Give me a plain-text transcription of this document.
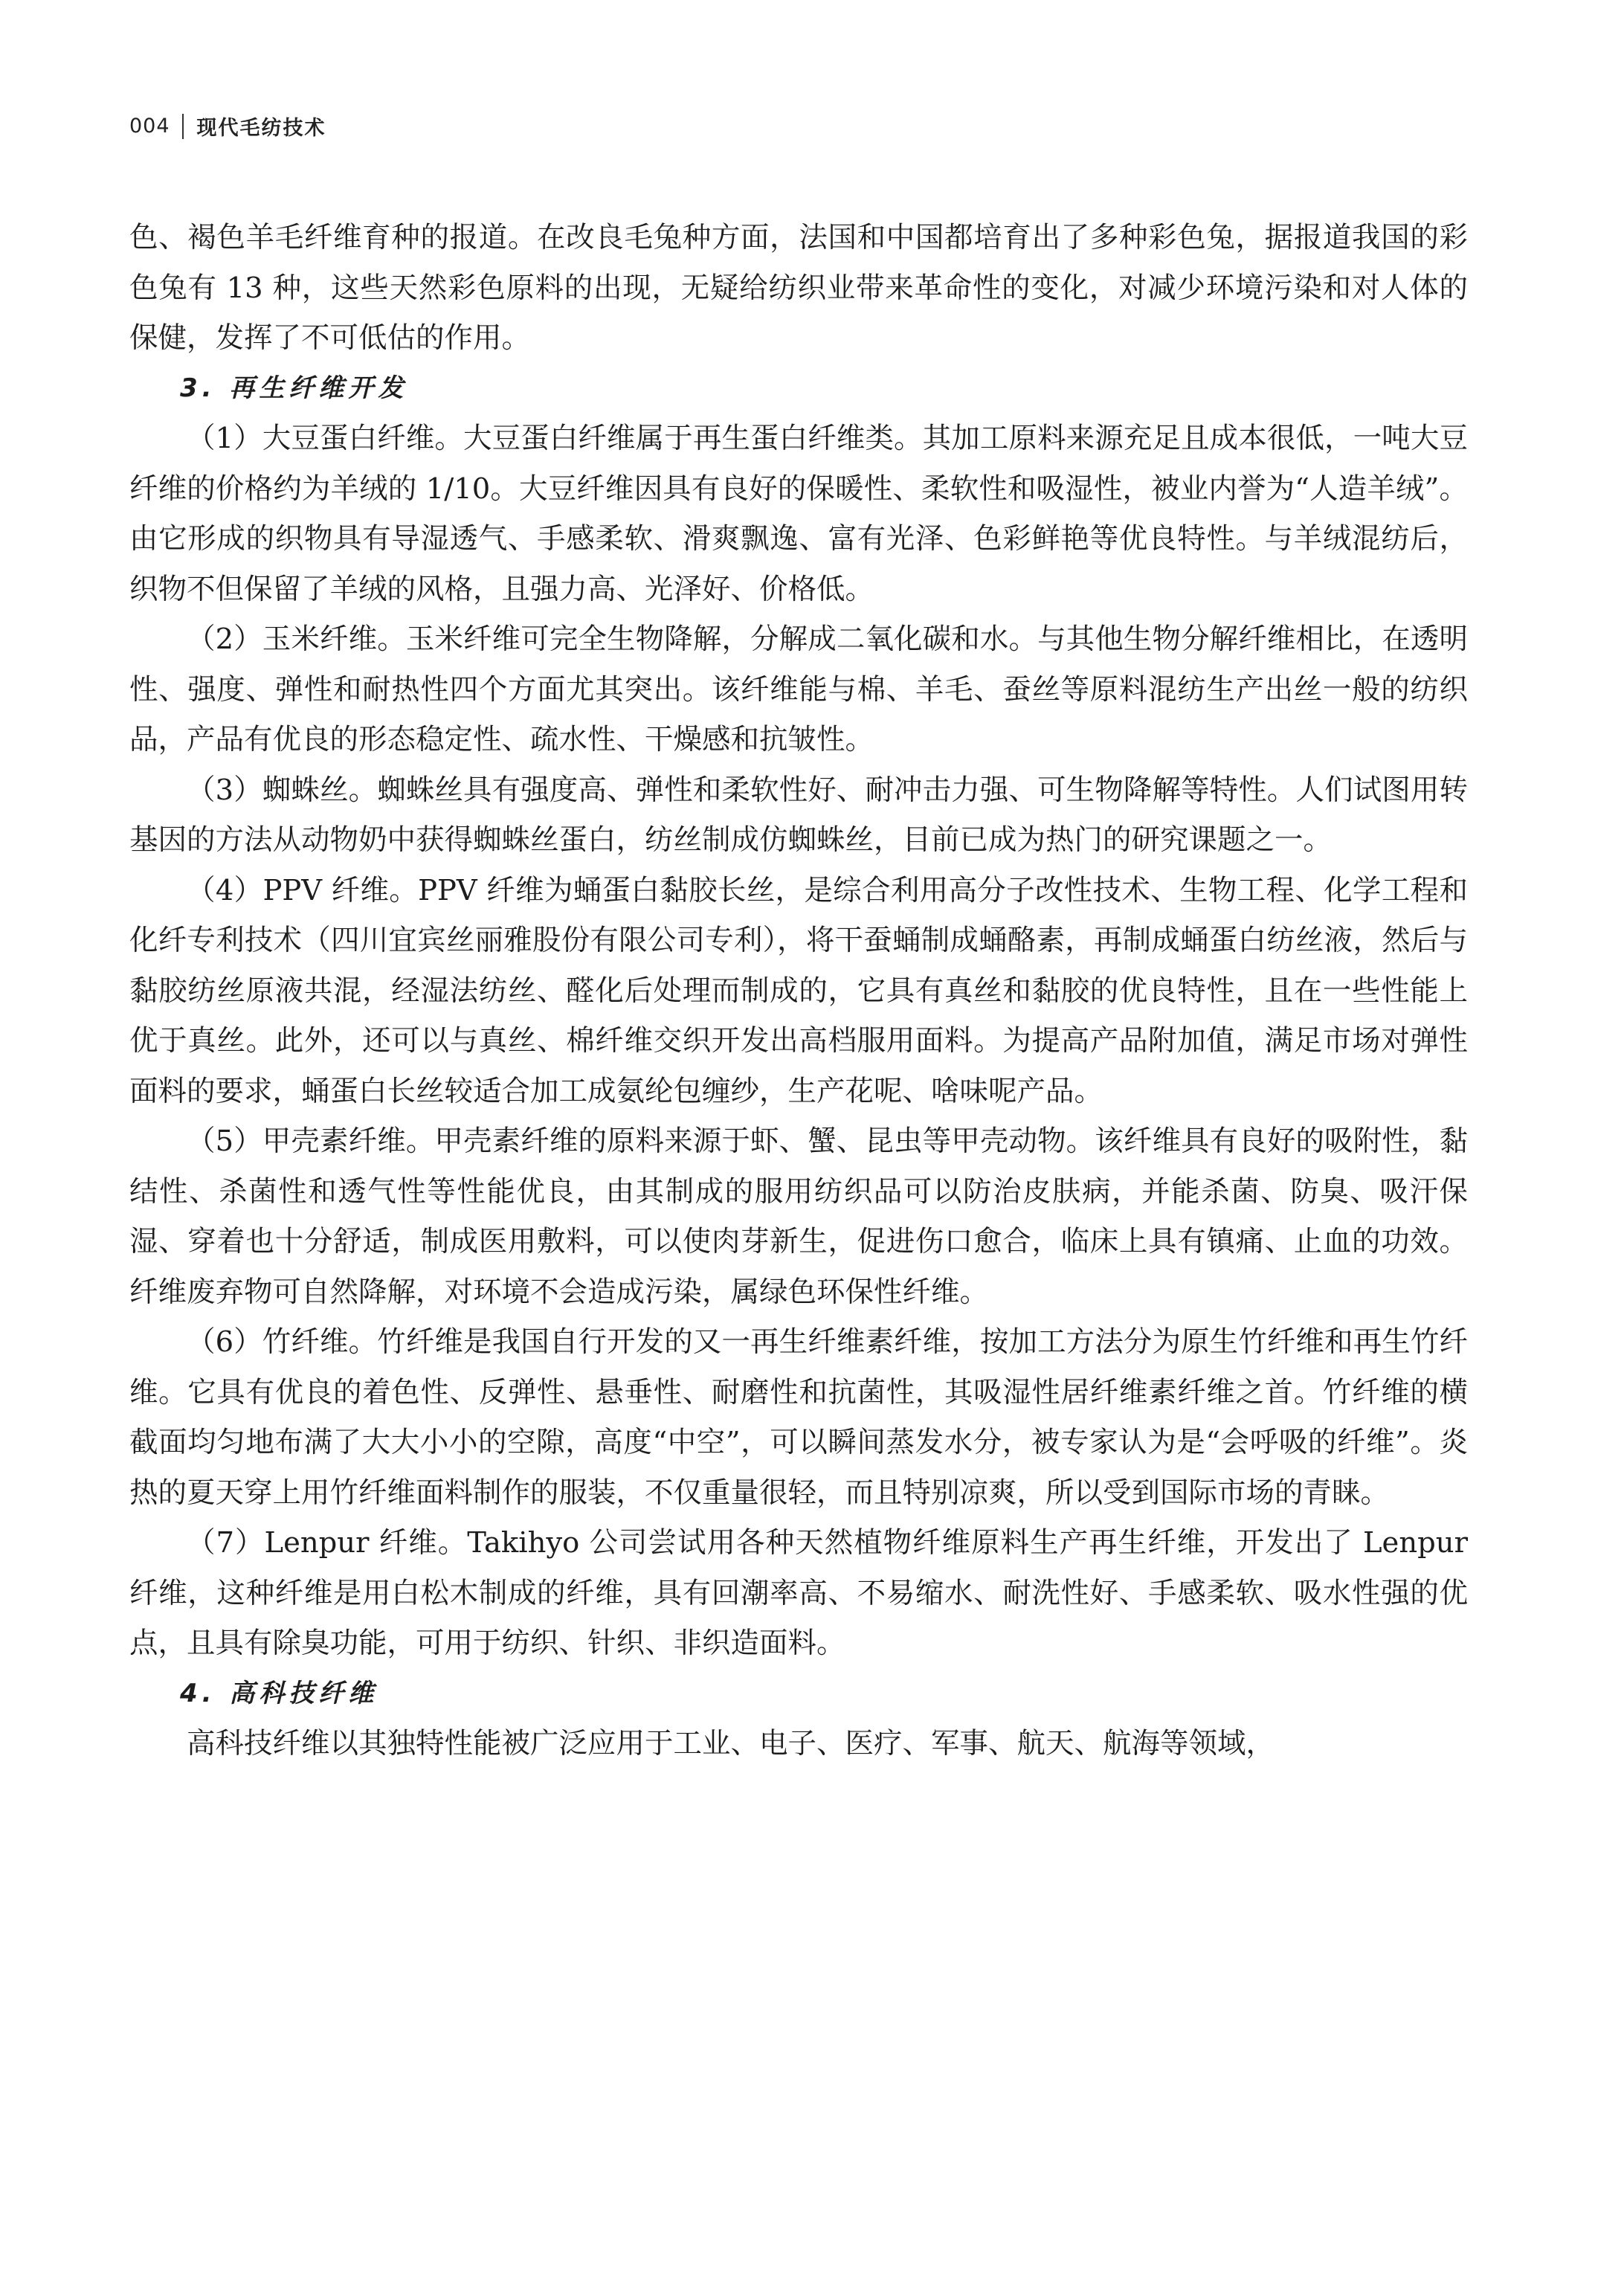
004 现代毛纺技术

色、褐色羊毛纤维育种的报道。在改良毛兔种方面，法国和中国都培育出了多种彩色兔，据报道我国的彩色兔有 13 种，这些天然彩色原料的出现，无疑给纺织业带来革命性的变化，对减少环境污染和对人体的保健，发挥了不可低估的作用。

3. 再生纤维开发

（1）大豆蛋白纤维。大豆蛋白纤维属于再生蛋白纤维类。其加工原料来源充足且成本很低，一吨大豆纤维的价格约为羊绒的 1/10。大豆纤维因具有良好的保暖性、柔软性和吸湿性，被业内誉为“人造羊绒”。由它形成的织物具有导湿透气、手感柔软、滑爽飘逸、富有光泽、色彩鲜艳等优良特性。与羊绒混纺后，织物不但保留了羊绒的风格，且强力高、光泽好、价格低。

（2）玉米纤维。玉米纤维可完全生物降解，分解成二氧化碳和水。与其他生物分解纤维相比，在透明性、强度、弹性和耐热性四个方面尤其突出。该纤维能与棉、羊毛、蚕丝等原料混纺生产出丝一般的纺织品，产品有优良的形态稳定性、疏水性、干燥感和抗皱性。

（3）蜘蛛丝。蜘蛛丝具有强度高、弹性和柔软性好、耐冲击力强、可生物降解等特性。人们试图用转基因的方法从动物奶中获得蜘蛛丝蛋白，纺丝制成仿蜘蛛丝，目前已成为热门的研究课题之一。

（4）PPV 纤维。PPV 纤维为蛹蛋白黏胶长丝，是综合利用高分子改性技术、生物工程、化学工程和化纤专利技术（四川宜宾丝丽雅股份有限公司专利），将干蚕蛹制成蛹酪素，再制成蛹蛋白纺丝液，然后与黏胶纺丝原液共混，经湿法纺丝、醛化后处理而制成的，它具有真丝和黏胶的优良特性，且在一些性能上优于真丝。此外，还可以与真丝、棉纤维交织开发出高档服用面料。为提高产品附加值，满足市场对弹性面料的要求，蛹蛋白长丝较适合加工成氨纶包缠纱，生产花呢、啥味呢产品。

（5）甲壳素纤维。甲壳素纤维的原料来源于虾、蟹、昆虫等甲壳动物。该纤维具有良好的吸附性，黏结性、杀菌性和透气性等性能优良，由其制成的服用纺织品可以防治皮肤病，并能杀菌、防臭、吸汗保湿、穿着也十分舒适，制成医用敷料，可以使肉芽新生，促进伤口愈合，临床上具有镇痛、止血的功效。纤维废弃物可自然降解，对环境不会造成污染，属绿色环保性纤维。

（6）竹纤维。竹纤维是我国自行开发的又一再生纤维素纤维，按加工方法分为原生竹纤维和再生竹纤维。它具有优良的着色性、反弹性、悬垂性、耐磨性和抗菌性，其吸湿性居纤维素纤维之首。竹纤维的横截面均匀地布满了大大小小的空隙，高度“中空”，可以瞬间蒸发水分，被专家认为是“会呼吸的纤维”。炎热的夏天穿上用竹纤维面料制作的服装，不仅重量很轻，而且特别凉爽，所以受到国际市场的青睐。

（7）Lenpur 纤维。Takihyo 公司尝试用各种天然植物纤维原料生产再生纤维，开发出了 Lenpur 纤维，这种纤维是用白松木制成的纤维，具有回潮率高、不易缩水、耐洗性好、手感柔软、吸水性强的优点，且具有除臭功能，可用于纺织、针织、非织造面料。

4. 高科技纤维

高科技纤维以其独特性能被广泛应用于工业、电子、医疗、军事、航天、航海等领域，
